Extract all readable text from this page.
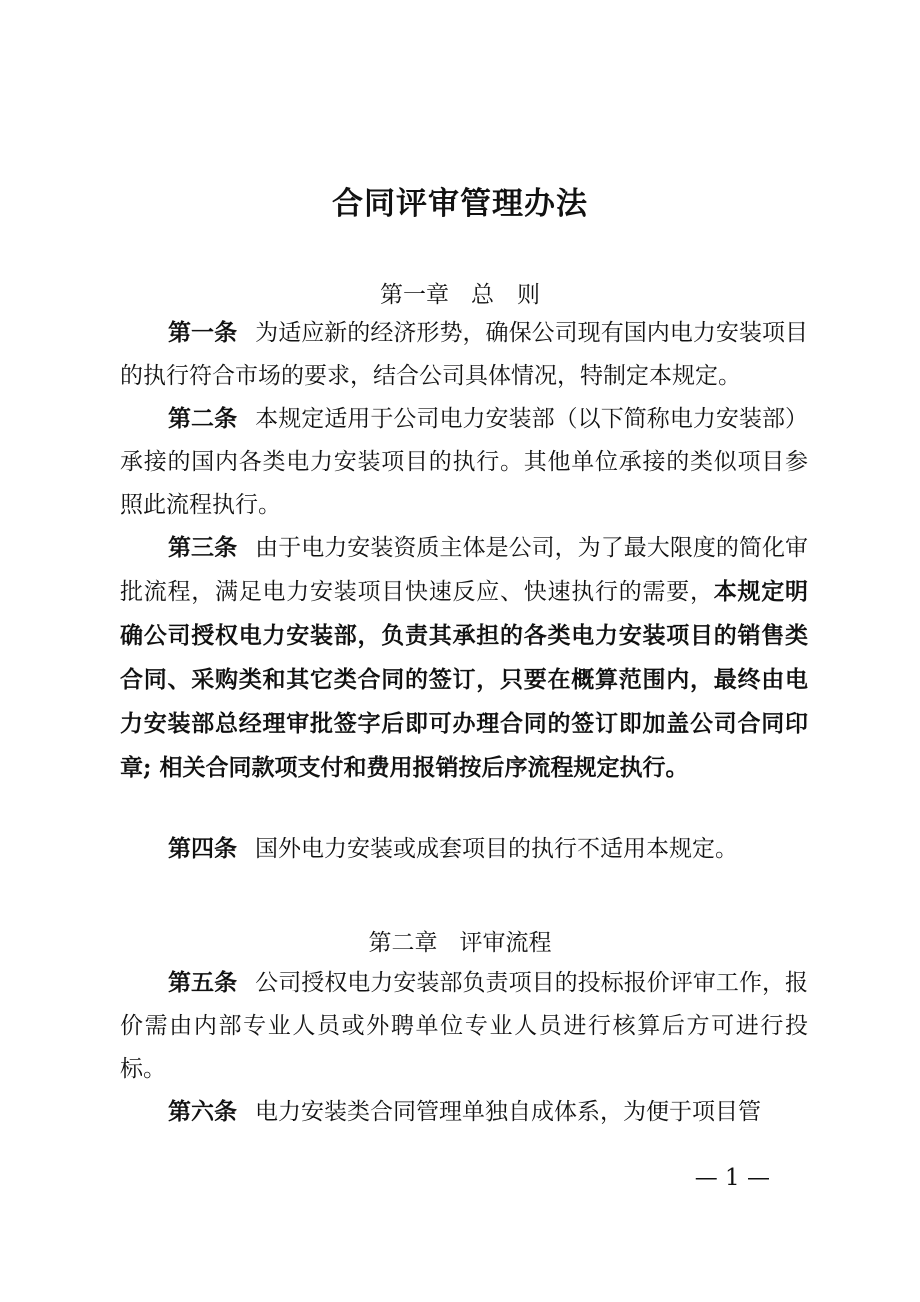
合同评审管理办法
第一章 总　则

第一条 为适应新的经济形势，确保公司现有国内电力安装项目的执行符合市场的要求，结合公司具体情况，特制定本规定。

第二条 本规定适用于公司电力安装部（以下简称电力安装部）承接的国内各类电力安装项目的执行。其他单位承接的类似项目参照此流程执行。

第三条 由于电力安装资质主体是公司，为了最大限度的简化审批流程，满足电力安装项目快速反应、快速执行的需要，本规定明确公司授权电力安装部，负责其承担的各类电力安装项目的销售类合同、采购类和其它类合同的签订，只要在概算范围内，最终由电力安装部总经理审批签字后即可办理合同的签订即加盖公司合同印章; 相关合同款项支付和费用报销按后序流程规定执行。

第四条 国外电力安装或成套项目的执行不适用本规定。

第二章 评审流程

第五条 公司授权电力安装部负责项目的投标报价评审工作，报价需由内部专业人员或外聘单位专业人员进行核算后方可进行投标。

第六条 电力安装类合同管理单独自成体系，为便于项目管

— 1 —
